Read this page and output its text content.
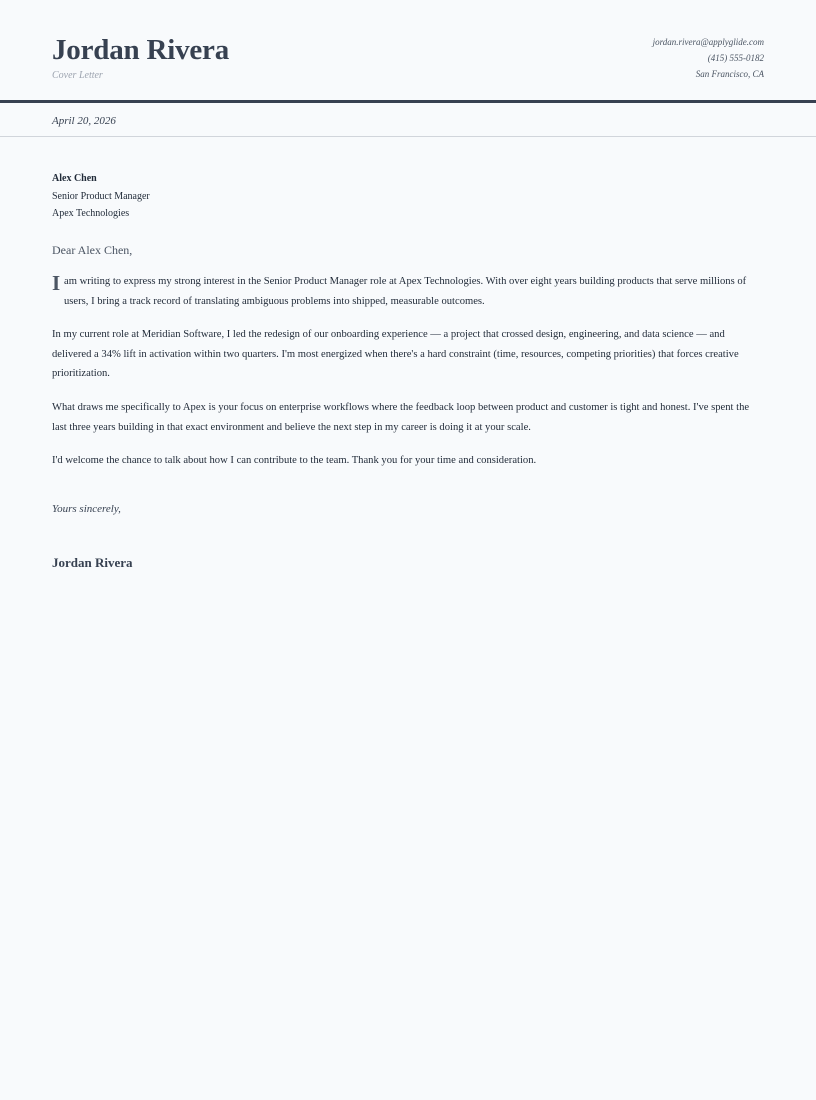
Jordan Rivera
Cover Letter
jordan.rivera@applyglide.com
(415) 555-0182
San Francisco, CA
April 20, 2026
Alex Chen
Senior Product Manager
Apex Technologies
Dear Alex Chen,
I am writing to express my strong interest in the Senior Product Manager role at Apex Technologies. With over eight years building products that serve millions of users, I bring a track record of translating ambiguous problems into shipped, measurable outcomes.

In my current role at Meridian Software, I led the redesign of our onboarding experience — a project that crossed design, engineering, and data science — and delivered a 34% lift in activation within two quarters. I'm most energized when there's a hard constraint (time, resources, competing priorities) that forces creative prioritization.

What draws me specifically to Apex is your focus on enterprise workflows where the feedback loop between product and customer is tight and honest. I've spent the last three years building in that exact environment and believe the next step in my career is doing it at your scale.

I'd welcome the chance to talk about how I can contribute to the team. Thank you for your time and consideration.

Yours sincerely,
Jordan Rivera
